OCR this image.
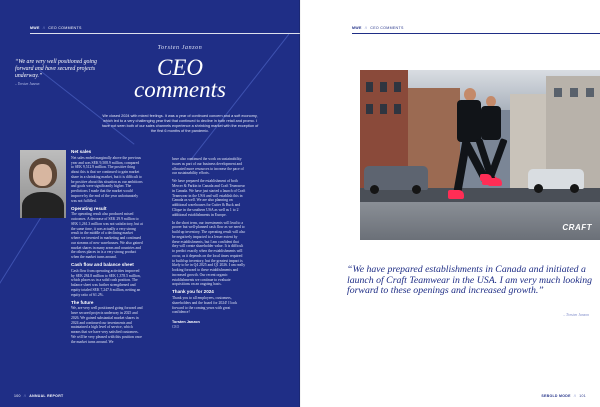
MWE // CEO COMMENTS
“We are very well positioned going forward and have secured projects underway.”
– Torsten Janzon
Torsten Janzon
CEO comments
We closed 2024 with mixed feelings. It was a year of continued concern and a soft economy, which led to a very challenging year that that continued to decline in both retail and promo. I have not seen both of our sales channels experience a shrinking market with the exception of the first 6 months of the pandemic.
Net sales

Net sales ended marginally above the previous year and was SEK 9,508.9 million, compared to SEK 9,512.9 million. The positive thing about this is that we continued to gain market share in a shrinking market, but it is difficult to be positive about this situation as our ambitions and goals were significantly higher. The predictions I made that the market would improve by the end of the year unfortunately was not fulfilled.

Operating result

The operating result also produced mixed outcomes. A decrease of SEK 29.9 million to SEK 1,261.3 million was not satisfactory, but at the same time, it was actually a very strong result in the middle of a declining market where we invested in marketing and continued our streams of new warehouses. We also gained market shares in many areas and countries and the others places in is a very strong product when the market turns around.

Cash flow and balance sheet

Cash flow from operating activities improved by SEK 284.8 million to SEK 1,378.5 million, which places us in a solid cash position. The balance sheet was further strengthened and equity totaled SEK 7,247.6 million, netting an equity ratio of 61.2%.

The future

We, are very well positioned going forward and have secured projects underway in 2025 and 2026. We gained substantial market shares in 2024 and continued our investments and maintained a high level of service, which means that we have very satisfied customers. We will be very pleased with this position once the market turns around. We

have also continued the work on sustainability issues as part of our business development and allocated more resources to increase the pace of our sustainability efforts.

We have prepared the establishment of both Mercer & Parkin in Canada and Craft Teamwear in Canada. We have just started a launch of Craft Teamwear in the USA and will establish this in Canada as well. We are also planning on additional warehouses for Cutter & Buck and Clique in the southern USA as well as 1 to 2 additional establishments in Europe.

In the short term, our investments will lead to a poorer but well-planned cash flow as we need to build up inventory. The operating result will also be negatively impacted to a lesser extent by these establishments, but I am confident that they will create shareholder value. It is difficult to predict exactly when the establishments will occur, as it depends on the local times required to build up inventory, but the greatest impact is likely to be in Q4 2025 and Q1 2026. I am really looking forward to these establishments and increased growth. Our recent organic establishments we continue to evaluate acquisitions on an ongoing basis.

Thank you for 2024

Thank you to all employees, customers, shareholders and the board for 2024! I look forward to the coming years with great confidence!

Torsten Janzon
CEO

100 // ANNUAL REPORT
MWE // CEO COMMENTS
CRAFT
“We have prepared establishments in Canada and initiated a launch of Craft Teamwear in the USA. I am very much looking forward to these openings and increased growth.”
– Torsten Janzon
SEBOLD MODE // 101
